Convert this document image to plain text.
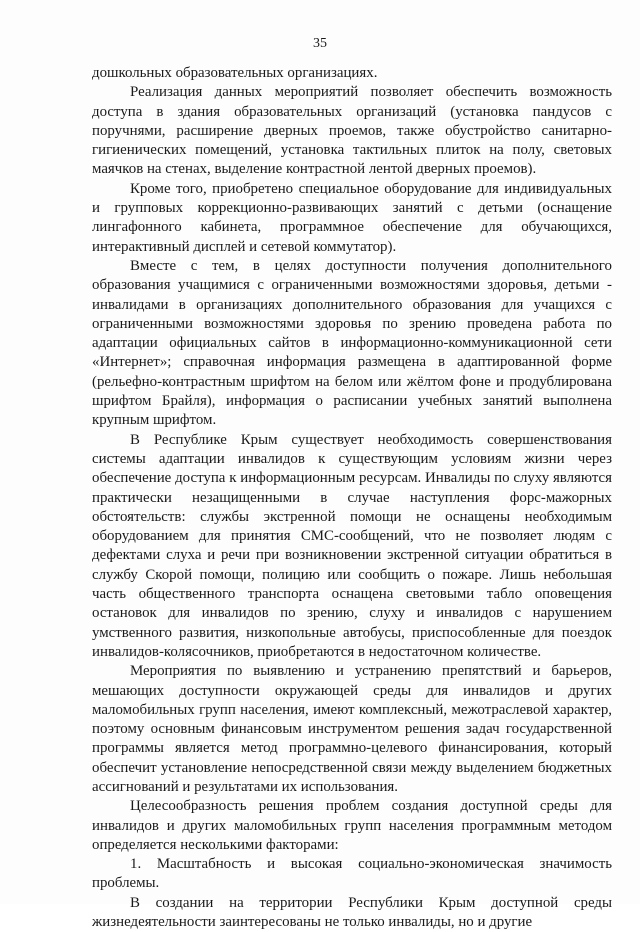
35

дошкольных образовательных организациях.

Реализация данных мероприятий позволяет обеспечить возможность доступа в здания образовательных организаций (установка пандусов с поручнями, расширение дверных проемов, также обустройство санитарно-гигиенических помещений, установка тактильных плиток на полу, световых маячков на стенах, выделение контрастной лентой дверных проемов).

Кроме того, приобретено специальное оборудование для индивидуальных и групповых коррекционно-развивающих занятий с детьми (оснащение лингафонного кабинета, программное обеспечение для обучающихся, интерактивный дисплей и сетевой коммутатор).

Вместе с тем, в целях доступности получения дополнительного образования учащимися с ограниченными возможностями здоровья, детьми - инвалидами в организациях дополнительного образования для учащихся с ограниченными возможностями здоровья по зрению проведена работа по адаптации официальных сайтов в информационно-коммуникационной сети «Интернет»; справочная информация размещена в адаптированной форме (рельефно-контрастным шрифтом на белом или жёлтом фоне и продублирована шрифтом Брайля), информация о расписании учебных занятий выполнена крупным шрифтом.

В Республике Крым существует необходимость совершенствования системы адаптации инвалидов к существующим условиям жизни через обеспечение доступа к информационным ресурсам. Инвалиды по слуху являются практически незащищенными в случае наступления форс-мажорных обстоятельств: службы экстренной помощи не оснащены необходимым оборудованием для принятия СМС-сообщений, что не позволяет людям с дефектами слуха и речи при возникновении экстренной ситуации обратиться в службу Скорой помощи, полицию или сообщить о пожаре. Лишь небольшая часть общественного транспорта оснащена световыми табло оповещения остановок для инвалидов по зрению, слуху и инвалидов с нарушением умственного развития, низкопольные автобусы, приспособленные для поездок инвалидов-колясочников, приобретаются в недостаточном количестве.

Мероприятия по выявлению и устранению препятствий и барьеров, мешающих доступности окружающей среды для инвалидов и других маломобильных групп населения, имеют комплексный, межотраслевой характер, поэтому основным финансовым инструментом решения задач государственной программы является метод программно-целевого финансирования, который обеспечит установление непосредственной связи между выделением бюджетных ассигнований и результатами их использования.

Целесообразность решения проблем создания доступной среды для инвалидов и других маломобильных групп населения программным методом определяется несколькими факторами:

1. Масштабность и высокая социально-экономическая значимость проблемы.

В создании на территории Республики Крым доступной среды жизнедеятельности заинтересованы не только инвалиды, но и другие
